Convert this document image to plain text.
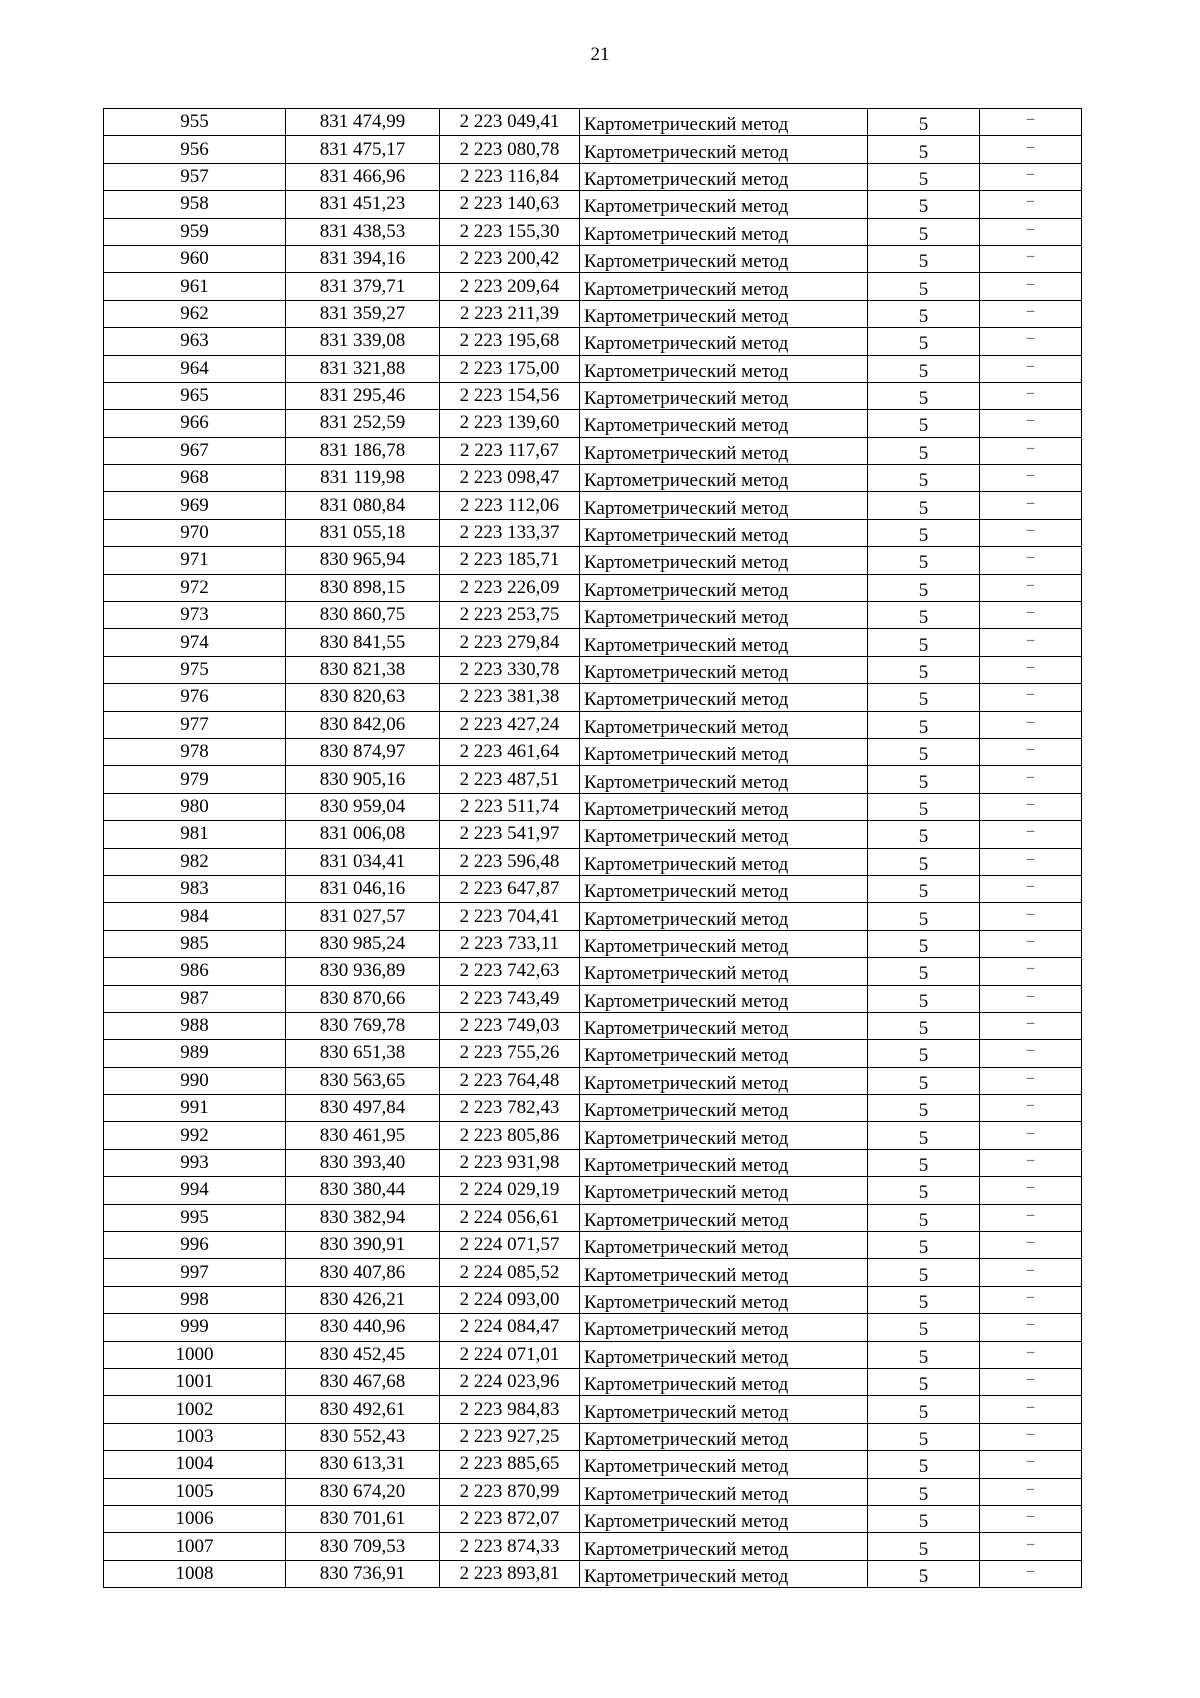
21
955	831 474,99	2 223 049,41	Картометрический метод	5	–
956	831 475,17	2 223 080,78	Картометрический метод	5	–
957	831 466,96	2 223 116,84	Картометрический метод	5	–
958	831 451,23	2 223 140,63	Картометрический метод	5	–
959	831 438,53	2 223 155,30	Картометрический метод	5	–
960	831 394,16	2 223 200,42	Картометрический метод	5	–
961	831 379,71	2 223 209,64	Картометрический метод	5	–
962	831 359,27	2 223 211,39	Картометрический метод	5	–
963	831 339,08	2 223 195,68	Картометрический метод	5	–
964	831 321,88	2 223 175,00	Картометрический метод	5	–
965	831 295,46	2 223 154,56	Картометрический метод	5	–
966	831 252,59	2 223 139,60	Картометрический метод	5	–
967	831 186,78	2 223 117,67	Картометрический метод	5	–
968	831 119,98	2 223 098,47	Картометрический метод	5	–
969	831 080,84	2 223 112,06	Картометрический метод	5	–
970	831 055,18	2 223 133,37	Картометрический метод	5	–
971	830 965,94	2 223 185,71	Картометрический метод	5	–
972	830 898,15	2 223 226,09	Картометрический метод	5	–
973	830 860,75	2 223 253,75	Картометрический метод	5	–
974	830 841,55	2 223 279,84	Картометрический метод	5	–
975	830 821,38	2 223 330,78	Картометрический метод	5	–
976	830 820,63	2 223 381,38	Картометрический метод	5	–
977	830 842,06	2 223 427,24	Картометрический метод	5	–
978	830 874,97	2 223 461,64	Картометрический метод	5	–
979	830 905,16	2 223 487,51	Картометрический метод	5	–
980	830 959,04	2 223 511,74	Картометрический метод	5	–
981	831 006,08	2 223 541,97	Картометрический метод	5	–
982	831 034,41	2 223 596,48	Картометрический метод	5	–
983	831 046,16	2 223 647,87	Картометрический метод	5	–
984	831 027,57	2 223 704,41	Картометрический метод	5	–
985	830 985,24	2 223 733,11	Картометрический метод	5	–
986	830 936,89	2 223 742,63	Картометрический метод	5	–
987	830 870,66	2 223 743,49	Картометрический метод	5	–
988	830 769,78	2 223 749,03	Картометрический метод	5	–
989	830 651,38	2 223 755,26	Картометрический метод	5	–
990	830 563,65	2 223 764,48	Картометрический метод	5	–
991	830 497,84	2 223 782,43	Картометрический метод	5	–
992	830 461,95	2 223 805,86	Картометрический метод	5	–
993	830 393,40	2 223 931,98	Картометрический метод	5	–
994	830 380,44	2 224 029,19	Картометрический метод	5	–
995	830 382,94	2 224 056,61	Картометрический метод	5	–
996	830 390,91	2 224 071,57	Картометрический метод	5	–
997	830 407,86	2 224 085,52	Картометрический метод	5	–
998	830 426,21	2 224 093,00	Картометрический метод	5	–
999	830 440,96	2 224 084,47	Картометрический метод	5	–
1000	830 452,45	2 224 071,01	Картометрический метод	5	–
1001	830 467,68	2 224 023,96	Картометрический метод	5	–
1002	830 492,61	2 223 984,83	Картометрический метод	5	–
1003	830 552,43	2 223 927,25	Картометрический метод	5	–
1004	830 613,31	2 223 885,65	Картометрический метод	5	–
1005	830 674,20	2 223 870,99	Картометрический метод	5	–
1006	830 701,61	2 223 872,07	Картометрический метод	5	–
1007	830 709,53	2 223 874,33	Картометрический метод	5	–
1008	830 736,91	2 223 893,81	Картометрический метод	5	–
